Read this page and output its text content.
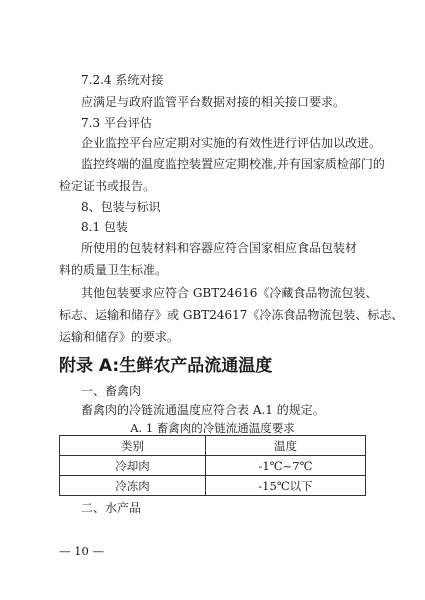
7.2.4 系统对接
应满足与政府监管平台数据对接的相关接口要求。
7.3 平台评估
企业监控平台应定期对实施的有效性进行评估加以改进。
监控终端的温度监控装置应定期校准,并有国家质检部门的
检定证书或报告。
8、包装与标识
8.1 包装
所使用的包装材料和容器应符合国家相应食品包装材
料的质量卫生标准。
其他包装要求应符合 GBT24616《冷藏食品物流包装、
附录 A:生鲜农产品流通温度
一、畜禽肉
畜禽肉的冷链流通温度应符合表 A.1 的规定。
A. 1 畜禽肉的冷链流通温度要求
类别	温度
冷却肉	-1℃~7℃
冷冻肉	-15℃以下
二、水产品
— 10 —
标志、运输和储存》或 GBT24617《冷冻食品物流包装、标志、
运输和储存》的要求。
